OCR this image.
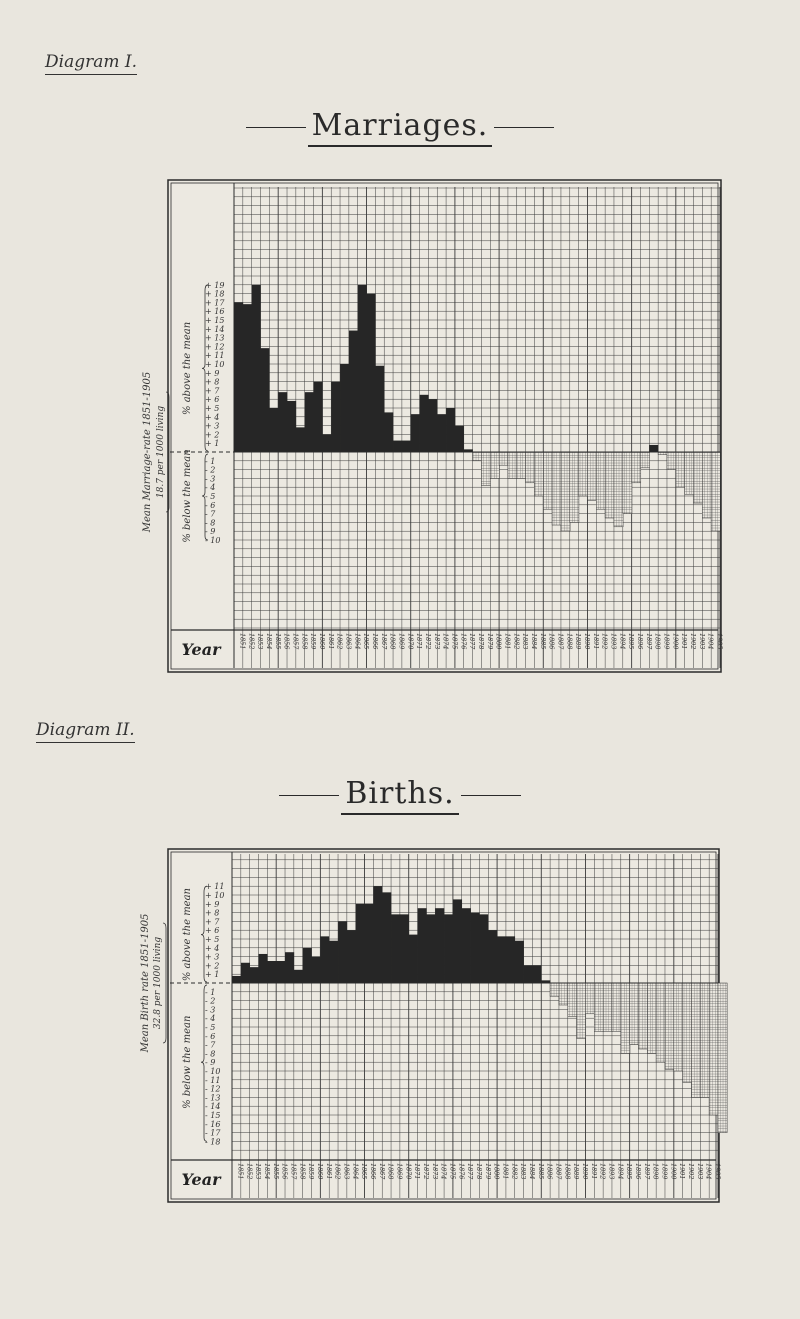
Diagram I.
Marriages.
Diagram II.
Births.
+ 1
+ 2
+ 3
+ 4
+ 5
+ 6
+ 7
+ 8
+ 9
+ 10
+ 11
+ 12
+ 13
+ 14
+ 15
+ 16
+ 17
+ 18
+ 19
- 1
- 2
- 3
- 4
- 5
- 6
- 7
- 8
- 9
- 10
% above the mean
% below the mean
Mean Marriage-rate 1851-1905 18.7 per 1000 living
Year	1851 1852 1853 1854 1855 1856 1857 1858 1859 1860 1861 1862 1863 1864 1865 1866 1867 1868 1869 1870 1871 1872 1873 1874 1875 1876 1877 1878 1879 1880 1881 1882 1883 1884 1885 1886 1887 1888 1889 1890 1891 1892 1893 1894 1895 1896 1897 1898 1899 1900 1901 1902 1903 1904 1905
+ 1
+ 2
+ 3
+ 4
+ 5
+ 6
+ 7
+ 8
+ 9
+ 10
+ 11
- 1
- 2
- 3
- 4
- 5
- 6
- 7
- 8
- 9
- 10
- 11
- 12
- 13
- 14
- 15
- 16
- 17
- 18
% above the mean
% below the mean
Mean Birth rate 1851-1905 32.8 per 1000 living
Year 1851 1852 1853 1854 1855 1856 1857 1858 1859 1860 1861 1862 1863 1864 1865 1866 1867 1868 1869 1870 1871 1872 1873 1874 1875 1876 1877 1878 1879 1880 1881 1882 1883 1884 1885 1886 1887 1888 1889 1890 1891 1892 1893 1894 1895 1896 1897 1898 1899 1900 1901 1902 1903 1904 1905
